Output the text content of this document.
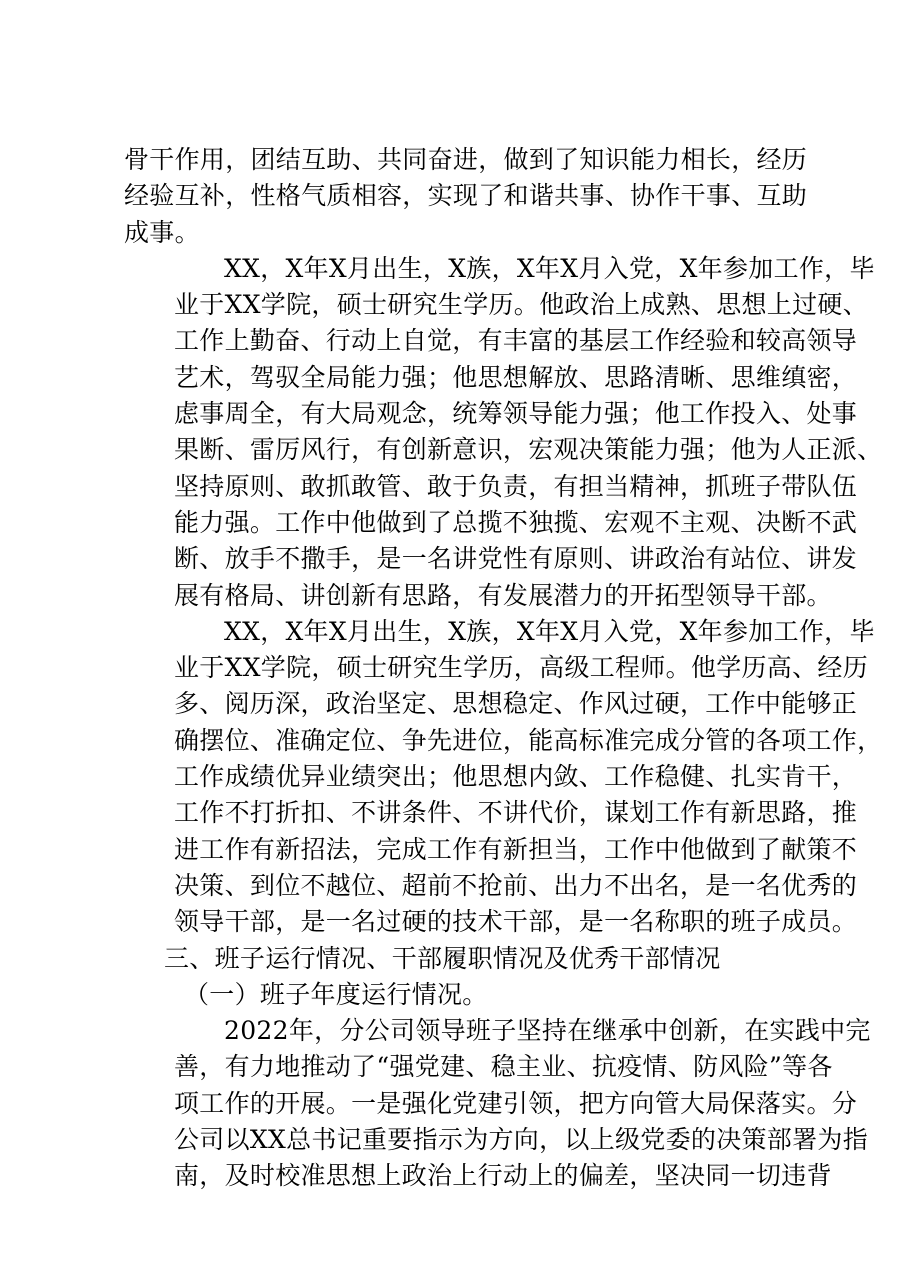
骨干作用，团结互助、共同奋进，做到了知识能力相长，经历
经验互补，性格气质相容，实现了和谐共事、协作干事、互助
成事。
XX，X年X月出生，X族，X年X月入党，X年参加工作，毕
业于XX学院，硕士研究生学历。他政治上成熟、思想上过硬、
工作上勤奋、行动上自觉，有丰富的基层工作经验和较高领导
艺术，驾驭全局能力强；他思想解放、思路清晰、思维缜密，
虑事周全，有大局观念，统筹领导能力强；他工作投入、处事
果断、雷厉风行，有创新意识，宏观决策能力强；他为人正派、
坚持原则、敢抓敢管、敢于负责，有担当精神，抓班子带队伍
能力强。工作中他做到了总揽不独揽、宏观不主观、决断不武
断、放手不撒手，是一名讲党性有原则、讲政治有站位、讲发
展有格局、讲创新有思路，有发展潜力的开拓型领导干部。
XX，X年X月出生，X族，X年X月入党，X年参加工作，毕
业于XX学院，硕士研究生学历，高级工程师。他学历高、经历
多、阅历深，政治坚定、思想稳定、作风过硬，工作中能够正
确摆位、准确定位、争先进位，能高标准完成分管的各项工作，
工作成绩优异业绩突出；他思想内敛、工作稳健、扎实肯干，
工作不打折扣、不讲条件、不讲代价，谋划工作有新思路，推
进工作有新招法，完成工作有新担当，工作中他做到了献策不
决策、到位不越位、超前不抢前、出力不出名，是一名优秀的
领导干部，是一名过硬的技术干部，是一名称职的班子成员。
三、班子运行情况、干部履职情况及优秀干部情况
（一）班子年度运行情况。
2022年，分公司领导班子坚持在继承中创新，在实践中完
善，有力地推动了“强党建、稳主业、抗疫情、防风险”等各
项工作的开展。一是强化党建引领，把方向管大局保落实。分
公司以XX总书记重要指示为方向，以上级党委的决策部署为指
南，及时校准思想上政治上行动上的偏差，坚决同一切违背
